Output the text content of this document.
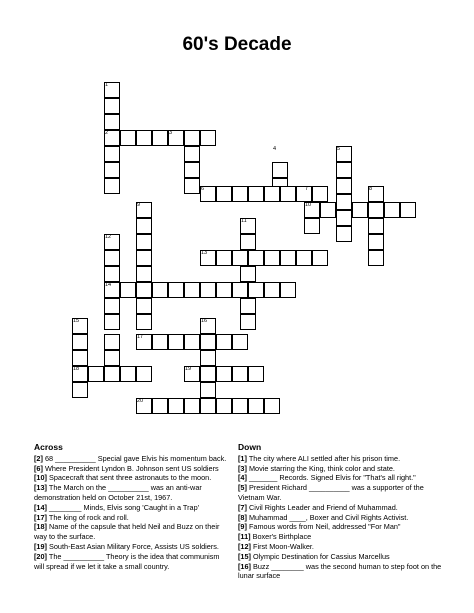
60's Decade
1
2	3
4	5
6	7	8
9	10
11
12
13
14
15	16
17
18	19
20
Across
[2] 68 __________ Special gave Elvis his momentum back.
[6] Where President Lyndon B. Johnson sent US soldiers
[10] Spacecraft that sent three astronauts to the moon.
[13] The March on the __________ was an anti-war demonstration held on October 21st, 1967.
[14] ________ Minds, Elvis song 'Caught in a Trap'
[17] The king of rock and roll.
[18] Name of the capsule that held Neil and Buzz on their way to the surface.
[19] South-East Asian Military Force, Assists US soldiers.
[20] The __________ Theory is the idea that communism will spread if we let it take a small country.
Down
[1] The city where ALI settled after his prison time.
[3] Movie starring the King, think color and state.
[4] _______ Records. Signed Elvis for "That's all right."
[5] President Richard __________ was a supporter of the Vietnam War.
[7] Civil Rights Leader and Friend of Muhammad.
[8] Muhammad ____, Boxer and Civil Rights Activist.
[9] Famous words from Neil, addressed "For Man"
[11] Boxer's Birthplace
[12] First Moon-Walker.
[15] Olympic Destination for Cassius Marcellus
[16] Buzz ________ was the second human to step foot on the lunar surface
